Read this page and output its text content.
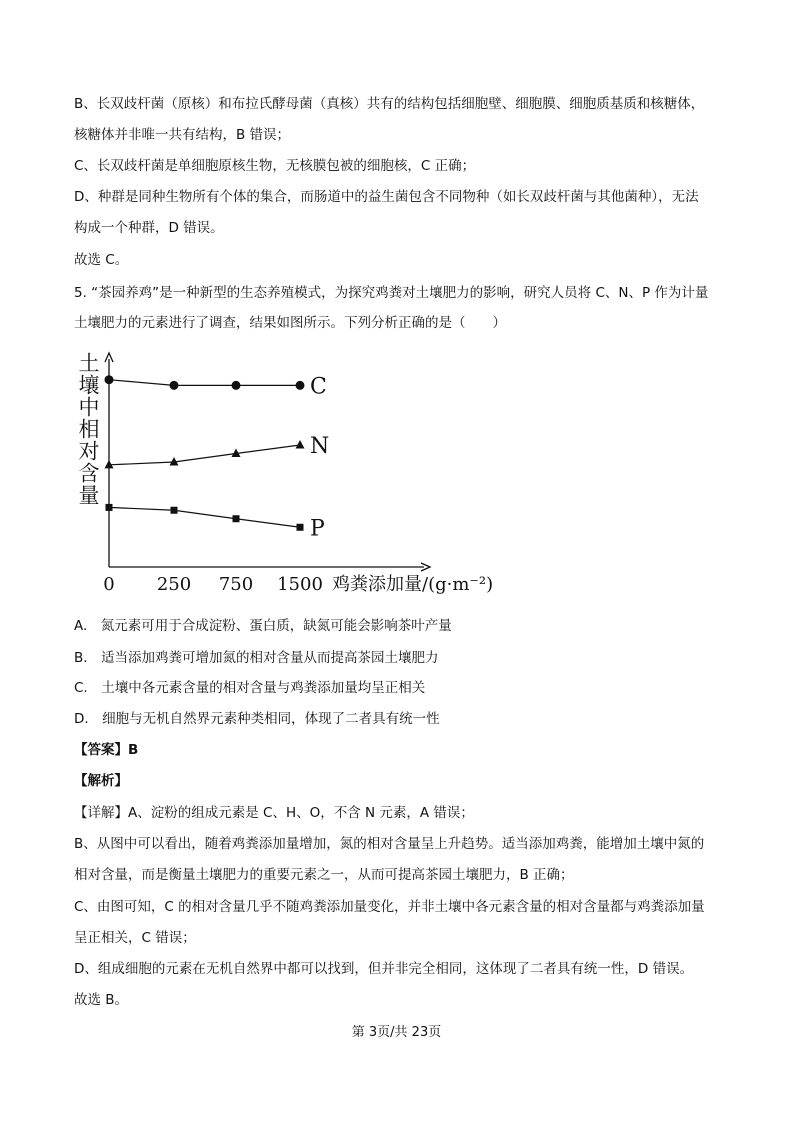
B、长双歧杆菌（原核）和布拉氏酵母菌（真核）共有的结构包括细胞壁、细胞膜、细胞质基质和核糖体，
核糖体并非唯一共有结构，B 错误；
C、长双歧杆菌是单细胞原核生物，无核膜包被的细胞核，C 正确；
D、种群是同种生物所有个体的集合，而肠道中的益生菌包含不同物种（如长双歧杆菌与其他菌种），无法
构成一个种群，D 错误。
故选 C。
5. “茶园养鸡”是一种新型的生态养殖模式，为探究鸡粪对土壤肥力的影响，研究人员将 C、N、P 作为计量
土壤肥力的元素进行了调查，结果如图所示。下列分析正确的是（　　）
土壤中相对含量
0 250 750 1500 鸡粪添加量/(g·m⁻²)
C
N
P
A.　氮元素可用于合成淀粉、蛋白质，缺氮可能会影响茶叶产量
B.　适当添加鸡粪可增加氮的相对含量从而提高茶园土壤肥力
C.　土壤中各元素含量的相对含量与鸡粪添加量均呈正相关
D.　细胞与无机自然界元素种类相同，体现了二者具有统一性
【答案】B
【解析】
【详解】A、淀粉的组成元素是 C、H、O，不含 N 元素，A 错误；
B、从图中可以看出，随着鸡粪添加量增加，氮的相对含量呈上升趋势。适当添加鸡粪，能增加土壤中氮的
相对含量，而是衡量土壤肥力的重要元素之一，从而可提高茶园土壤肥力，B 正确；
C、由图可知，C 的相对含量几乎不随鸡粪添加量变化，并非土壤中各元素含量的相对含量都与鸡粪添加量
呈正相关，C 错误；
D、组成细胞的元素在无机自然界中都可以找到，但并非完全相同，这体现了二者具有统一性，D 错误。
故选 B。
第 3页/共 23页
